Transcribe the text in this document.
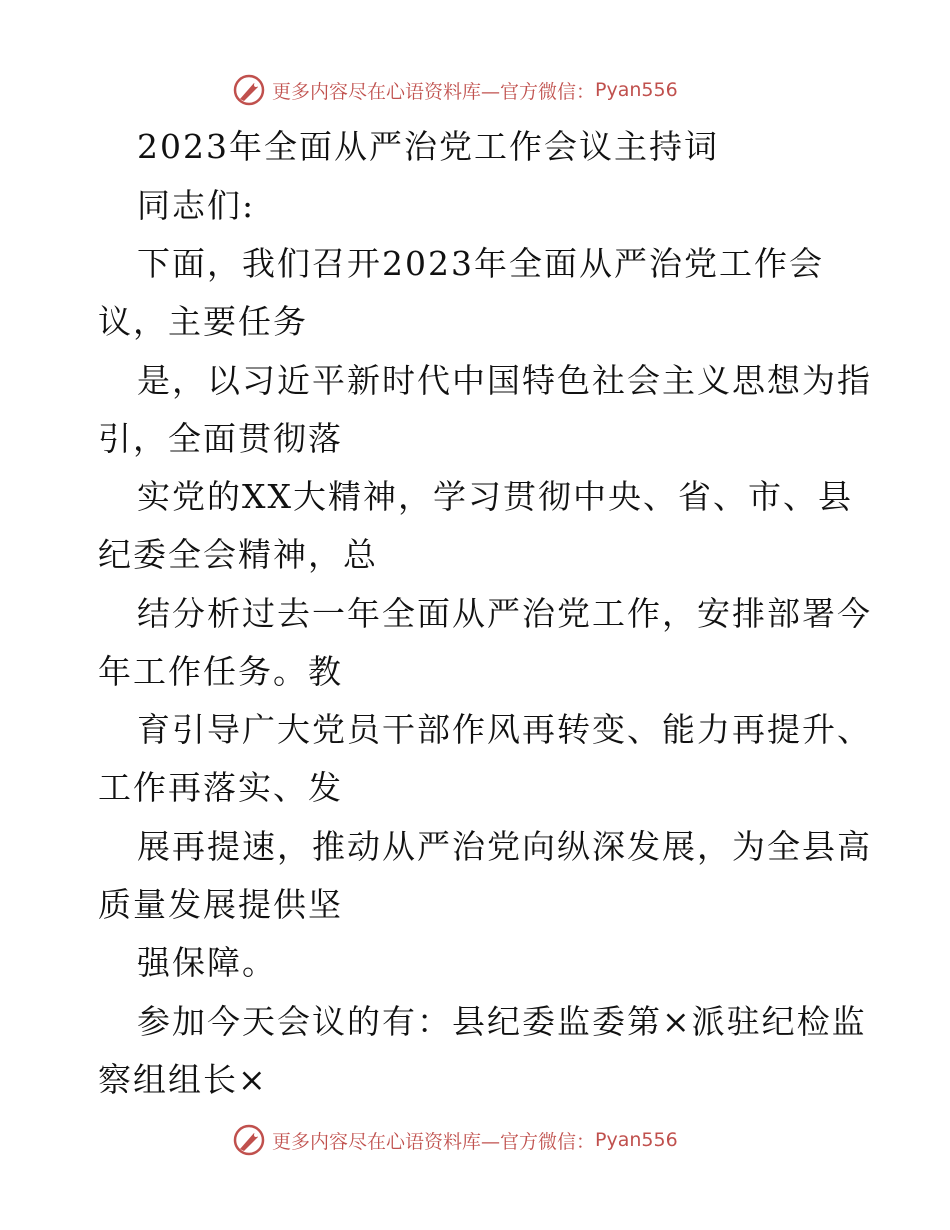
更多内容尽在心语资料库—官方微信： Pyan556
2023年全面从严治党工作会议主持词
同志们:
下面，我们召开2023年全面从严治党工作会
议，主要任务
是，以习近平新时代中国特色社会主义思想为指
引，全面贯彻落
实党的XX大精神，学习贯彻中央、省、市、县
纪委全会精神，总
结分析过去一年全面从严治党工作，安排部署今
年工作任务。教
育引导广大党员干部作风再转变、能力再提升、
工作再落实、发
展再提速，推动从严治党向纵深发展，为全县高
质量发展提供坚
强保障。
参加今天会议的有：县纪委监委第×派驻纪检监
察组组长×
更多内容尽在心语资料库—官方微信： Pyan556
